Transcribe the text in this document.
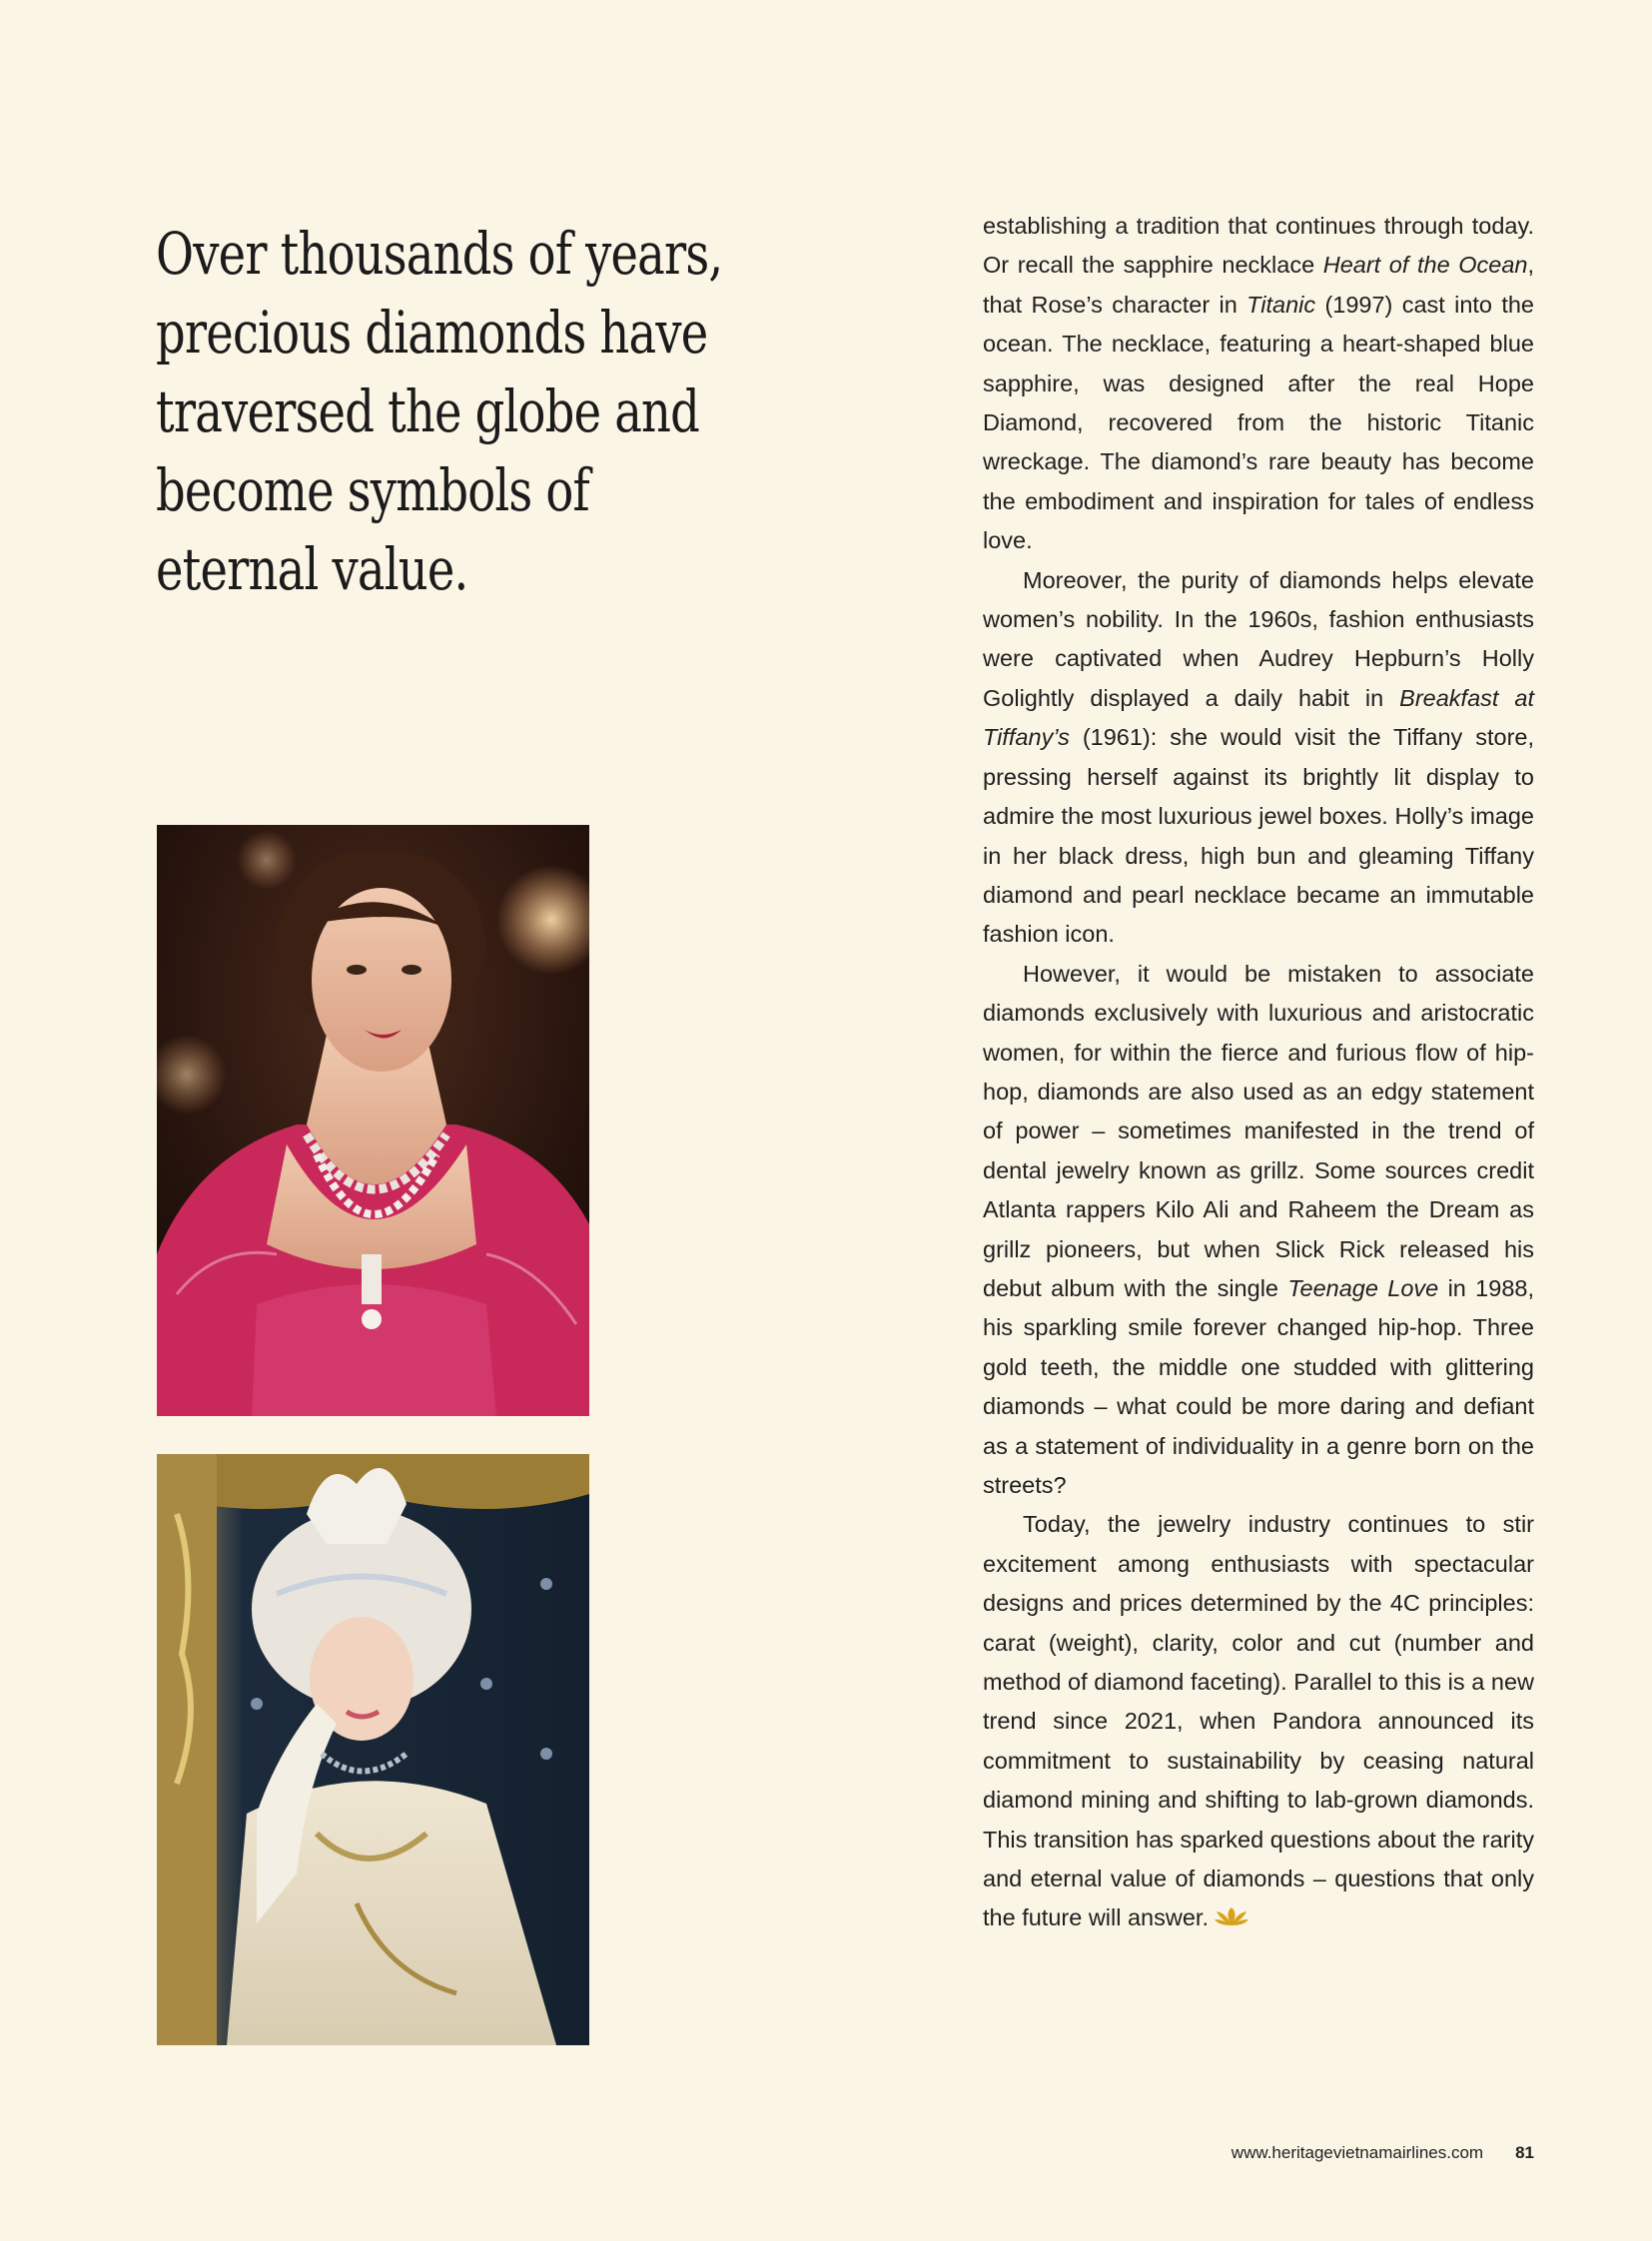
Over thousands of years, precious diamonds have traversed the globe and become symbols of eternal value.

establishing a tradition that continues through today. Or recall the sapphire necklace Heart of the Ocean, that Rose’s character in Titanic (1997) cast into the ocean. The necklace, featuring a heart-shaped blue sapphire, was designed after the real Hope Diamond, recovered from the historic Titanic wreckage. The diamond’s rare beauty has become the embodiment and inspiration for tales of endless love.

Moreover, the purity of diamonds helps elevate women’s nobility. In the 1960s, fashion enthusiasts were captivated when Audrey Hepburn’s Holly Golightly displayed a daily habit in Breakfast at Tiffany’s (1961): she would visit the Tiffany store, pressing herself against its brightly lit display to admire the most luxurious jewel boxes. Holly’s image in her black dress, high bun and gleaming Tiffany diamond and pearl necklace became an immutable fashion icon.

However, it would be mistaken to associate diamonds exclusively with luxurious and aristocratic women, for within the fierce and furious flow of hip-hop, diamonds are also used as an edgy statement of power – sometimes manifested in the trend of dental jewelry known as grillz. Some sources credit Atlanta rappers Kilo Ali and Raheem the Dream as grillz pioneers, but when Slick Rick released his debut album with the single Teenage Love in 1988, his sparkling smile forever changed hip-hop. Three gold teeth, the middle one studded with glittering diamonds – what could be more daring and defiant as a statement of individuality in a genre born on the streets?

Today, the jewelry industry continues to stir excitement among enthusiasts with spectacular designs and prices determined by the 4C principles: carat (weight), clarity, color and cut (number and method of diamond faceting). Parallel to this is a new trend since 2021, when Pandora announced its commitment to sustainability by ceasing natural diamond mining and shifting to lab-grown diamonds. This transition has sparked questions about the rarity and eternal value of diamonds – questions that only the future will answer.

www.heritagevietnamairlines.com 81
